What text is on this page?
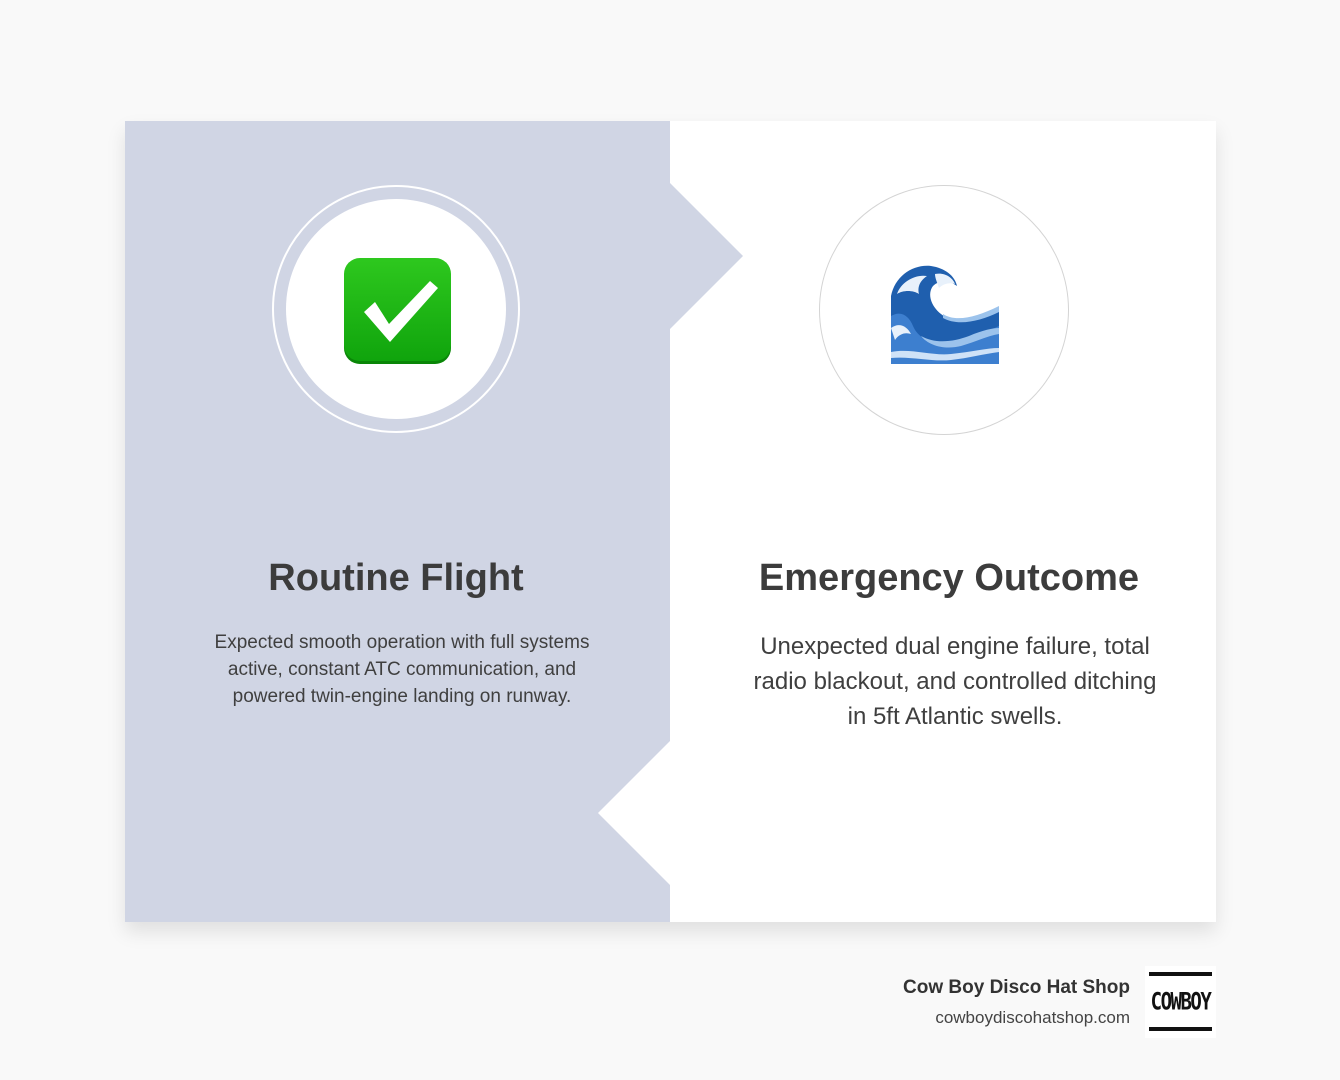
Routine Flight

Expected smooth operation with full systems active, constant ATC communication, and powered twin-engine landing on runway.

Emergency Outcome

Unexpected dual engine failure, total radio blackout, and controlled ditching in 5ft Atlantic swells.

Cow Boy Disco Hat Shop
cowboydiscohatshop.com
COWBOY
